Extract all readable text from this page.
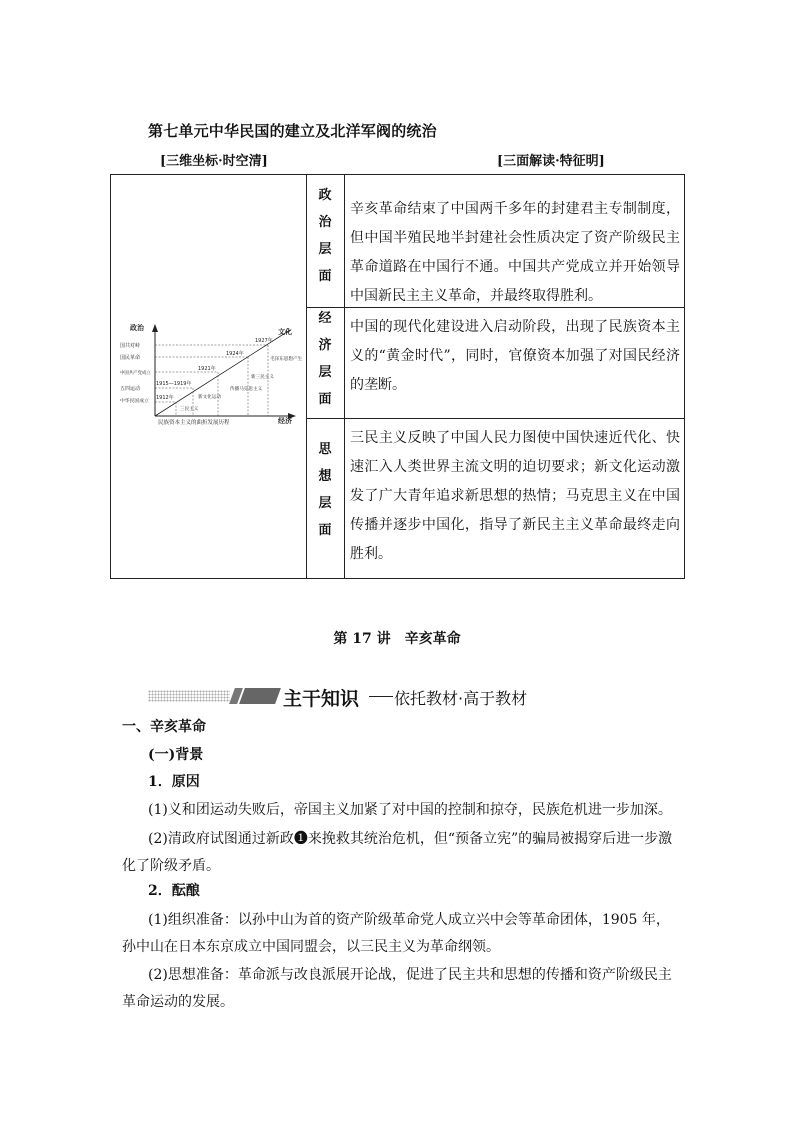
第七单元中华民国的建立及北洋军阀的统治
[三维坐标·时空清]	[三面解读·特征明]
政治	文化
经济
民族资本主义的曲折发展历程
国共对峙
国民革命
中国共产党成立
五四运动
中华民国成立
1927年
1924年
1921年
1915—1919年
1912年
三民主义
新文化运动
传播马克思主义
新三民主义
毛泽东思想产生
政
治
层
面
经
济
层
面
思
想
层
面
辛亥革命结束了中国两千多年的封建君主专制制度，但中国半殖民地半封建社会性质决定了资产阶级民主革命道路在中国行不通。中国共产党成立并开始领导中国新民主主义革命，并最终取得胜利。
中国的现代化建设进入启动阶段，出现了民族资本主义的“黄金时代”，同时，官僚资本加强了对国民经济的垄断。
三民主义反映了中国人民力图使中国快速近代化、快速汇入人类世界主流文明的迫切要求；新文化运动激发了广大青年追求新思想的热情；马克思主义在中国传播并逐步中国化，指导了新民主主义革命最终走向胜利。
第 17 讲　辛亥革命
主干知识 依托教材·高于教材
一、辛亥革命
(一)背景
1．原因
(1)义和团运动失败后，帝国主义加紧了对中国的控制和掠夺，民族危机进一步加深。
(2)清政府试图通过新政❶来挽救其统治危机，但“预备立宪”的骗局被揭穿后进一步激化了阶级矛盾。
2．酝酿
(1)组织准备：以孙中山为首的资产阶级革命党人成立兴中会等革命团体，1905 年，孙中山在日本东京成立中国同盟会，以三民主义为革命纲领。
(2)思想准备：革命派与改良派展开论战，促进了民主共和思想的传播和资产阶级民主革命运动的发展。
